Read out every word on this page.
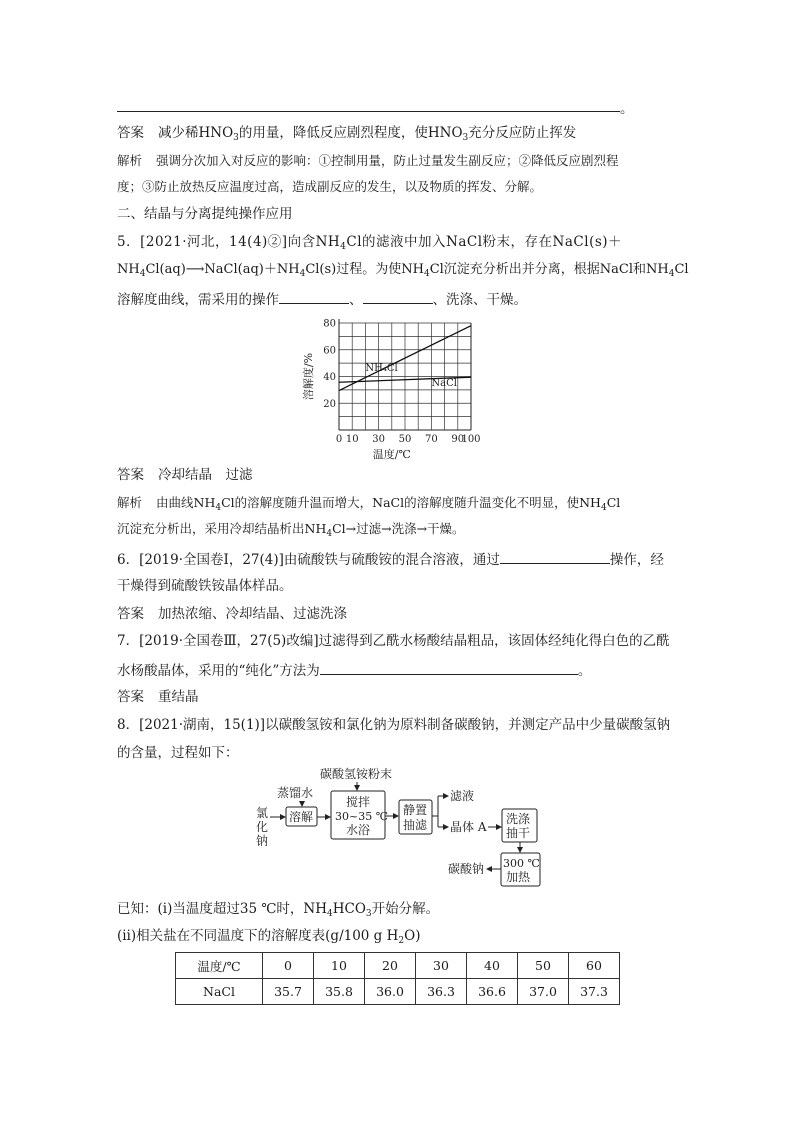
。
答案 减少稀$HNO_3$的用量，降低反应剧烈程度，使$HNO_3$充分反应防止挥发
解析 强调分次加入对反应的影响：①控制用量，防止过量发生副反应；②降低反应剧烈程
度；③防止放热反应温度过高，造成副反应的发生，以及物质的挥发、分解。
二、结晶与分离提纯操作应用
5．[2021·河北，14(4)②]向含$NH_4Cl$的滤液中加入NaCl粉末，存在NaCl(s)＋
$NH_4Cl(aq)⟶NaCl(aq)+NH_4Cl(s)$过程。为使$NH_4Cl$沉淀充分析出并分离，根据NaCl和$NH_4Cl$
溶解度曲线，需采用的操作	、	、洗涤、干燥。
20
40
60
80
0 10 30 50 70 90
100
NH₄Cl
NaCl
温度/℃
溶解度/%
答案 冷却结晶　过滤
解析 由曲线$NH_4Cl$的溶解度随升温而增大，NaCl的溶解度随升温变化不明显，使$NH_4Cl$
沉淀充分析出，采用冷却结晶析出$NH_4Cl\to$过滤→洗涤→干燥。
6．[2019·全国卷Ⅰ，27(4)]由硫酸铁与硫酸铵的混合溶液，通过	操作，经
干燥得到硫酸铁铵晶体样品。
答案 加热浓缩、冷却结晶、过滤洗涤
7．[2019·全国卷Ⅲ，27(5)改编]过滤得到乙酰水杨酸结晶粗品，该固体经纯化得白色的乙酰
水杨酸晶体，采用的“纯化”方法为	。
答案 重结晶
8．[2021·湖南，15(1)]以碳酸氢铵和氯化钠为原料制备碳酸钠，并测定产品中少量碳酸氢钠
的含量，过程如下：
碳酸氢铵粉末
蒸馏水
氯
化
钠
溶解
搅拌
30~35 ℃
水浴
静置
抽滤
滤液
晶体 A
洗涤
抽干
300 ℃
加热
碳酸钠
已知：(ⅰ)当温度超过35 ℃时，$NH_4HCO_3$开始分解。
(ⅱ)相关盐在不同温度下的溶解度表(g/100 g $H_2O$)
温度/℃	0	10	20	30	40	50	60
NaCl	35.7	35.8	36.0	36.3	36.6	37.0	37.3
